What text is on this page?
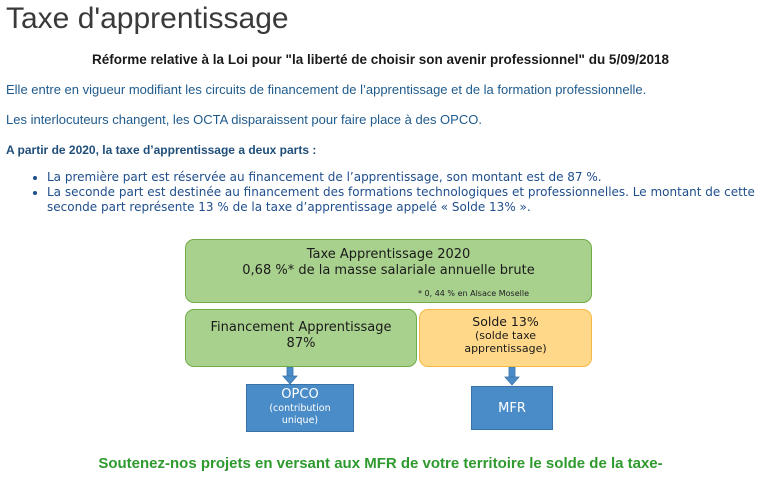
Taxe d'apprentissage
Réforme relative à la Loi pour "la liberté de choisir son avenir professionnel" du 5/09/2018
Elle entre en vigueur modifiant les circuits de financement de l’apprentissage et de la formation professionnelle.
Les interlocuteurs changent, les OCTA disparaissent pour faire place à des OPCO.
A partir de 2020, la taxe d’apprentissage a deux parts :
• La première part est réservée au financement de l’apprentissage, son montant est de 87 %.
• La seconde part est destinée au financement des formations technologiques et professionnelles. Le montant de cette seconde part représente 13 % de la taxe d’apprentissage appelé « Solde 13% ».
Taxe Apprentissage 2020
0,68 %* de la masse salariale annuelle brute
* 0, 44 % en Alsace Moselle
Financement Apprentissage
87%
Solde 13%
(solde taxe
apprentissage)
OPCO
(contribution
unique)
MFR
Soutenez-nos projets en versant aux MFR de votre territoire le solde de la taxe-
